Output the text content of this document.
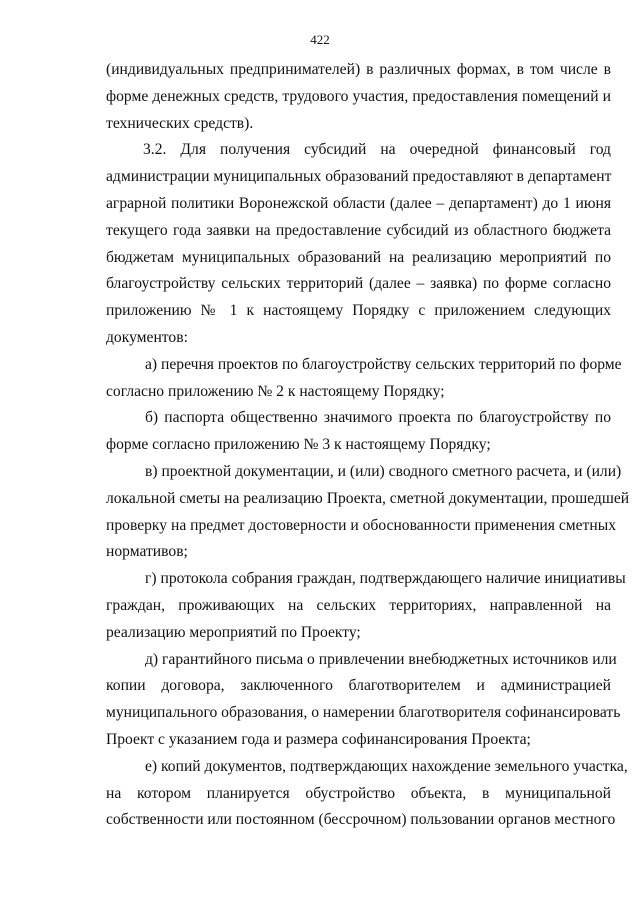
422
(индивидуальных предпринимателей) в различных формах, в том числе в
форме денежных средств, трудового участия, предоставления помещений и
технических средств).
3.2. Для получения субсидий на очередной финансовый год
администрации муниципальных образований предоставляют в департамент
аграрной политики Воронежской области (далее – департамент) до 1 июня
текущего года заявки на предоставление субсидий из областного бюджета
бюджетам муниципальных образований на реализацию мероприятий по
благоустройству сельских территорий (далее – заявка) по форме согласно
приложению № 1 к настоящему Порядку с приложением следующих
документов:
а) перечня проектов по благоустройству сельских территорий по форме
согласно приложению № 2 к настоящему Порядку;
б) паспорта общественно значимого проекта по благоустройству по
форме согласно приложению № 3 к настоящему Порядку;
в) проектной документации, и (или) сводного сметного расчета, и (или)
локальной сметы на реализацию Проекта, сметной документации, прошедшей
проверку на предмет достоверности и обоснованности применения сметных
нормативов;
г) протокола собрания граждан, подтверждающего наличие инициативы
граждан, проживающих на сельских территориях, направленной на
реализацию мероприятий по Проекту;
д) гарантийного письма о привлечении внебюджетных источников или
копии договора, заключенного благотворителем и администрацией
муниципального образования, о намерении благотворителя софинансировать
Проект с указанием года и размера софинансирования Проекта;
е) копий документов, подтверждающих нахождение земельного участка,
на котором планируется обустройство объекта, в муниципальной
собственности или постоянном (бессрочном) пользовании органов местного
